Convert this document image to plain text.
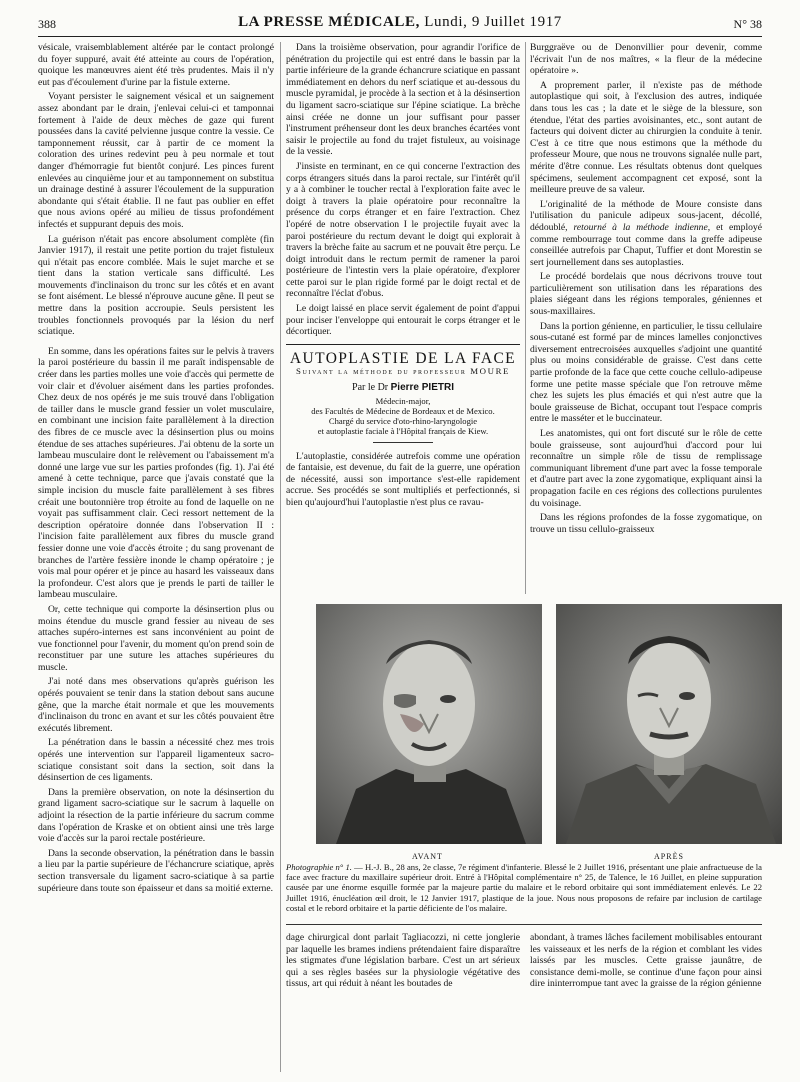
388	LA PRESSE MÉDICALE, Lundi, 9 Juillet 1917	N° 38

vésicale, vraisemblablement altérée par le contact prolongé du foyer suppuré, avait été atteinte au cours de l'opération, quoique les manœuvres aient été très prudentes. Mais il n'y eut pas d'écoulement d'urine par la fistule externe.

Voyant persister le saignement vésical et un saignement assez abondant par le drain, j'enlevai celui-ci et tamponnai fortement à l'aide de deux mèches de gaze qui furent poussées dans la cavité pelvienne jusque contre la vessie. Ce tamponnement réussit, car à partir de ce moment la coloration des urines redevint peu à peu normale et tout danger d'hémorragie fut bientôt conjuré. Les pinces furent enlevées au cinquième jour et au tamponnement on substitua un drainage destiné à assurer l'écoulement de la suppuration abondante qui s'était établie. Il ne faut pas oublier en effet que nous avions opéré au milieu de tissus profondément infectés et suppurant depuis des mois.

La guérison n'était pas encore absolument complète (fin Janvier 1917), il restait une petite portion du trajet fistuleux qui n'était pas encore comblée. Mais le sujet marche et se tient dans la station verticale sans difficulté. Les mouvements d'inclinaison du tronc sur les côtés et en avant se font aisément. Le blessé n'éprouve aucune gêne. Il peut se mettre dans la position accroupie. Seuls persistent les troubles fonctionnels provoqués par la lésion du nerf sciatique.

En somme, dans les opérations faites sur le pelvis à travers la paroi postérieure du bassin il me paraît indispensable de créer dans les parties molles une voie d'accès qui permette de voir clair et d'évoluer aisément dans les parties profondes. Chez deux de nos opérés je me suis trouvé dans l'obligation de tailler dans le muscle grand fessier un volet musculaire, en combinant une incision faite parallèlement à la direction des fibres de ce muscle avec la désinsertion plus ou moins étendue de ses attaches supérieures. J'ai obtenu de la sorte un lambeau musculaire dont le relèvement ou l'abaissement m'a donné une large vue sur les parties profondes (fig. 1). J'ai été amené à cette technique, parce que j'avais constaté que la simple incision du muscle faite parallèlement à ses fibres créait une boutonnière trop étroite au fond de laquelle on ne voyait pas suffisamment clair. Ceci ressort nettement de la description opératoire donnée dans l'observation II : l'incision faite parallèlement aux fibres du muscle grand fessier donne une voie d'accès étroite ; du sang provenant de branches de l'artère fessière inonde le champ opératoire ; je vois mal pour opérer et je pince au hasard les vaisseaux dans la profondeur. C'est alors que je prends le parti de tailler le lambeau musculaire.

Or, cette technique qui comporte la désinsertion plus ou moins étendue du muscle grand fessier au niveau de ses attaches supéro-internes est sans inconvénient au point de vue fonctionnel pour l'avenir, du moment qu'on prend soin de reconstituer par une suture les attaches supérieures du muscle.

J'ai noté dans mes observations qu'après guérison les opérés pouvaient se tenir dans la station debout sans aucune gêne, que la marche était normale et que les mouvements d'inclinaison du tronc en avant et sur les côtés pouvaient être exécutés librement.

La pénétration dans le bassin a nécessité chez mes trois opérés une intervention sur l'appareil ligamenteux sacro-sciatique consistant soit dans la section, soit dans la désinsertion de ces ligaments.

Dans la première observation, on note la désinsertion du grand ligament sacro-sciatique sur le sacrum à laquelle on adjoint la résection de la partie inférieure du sacrum comme dans l'opération de Kraske et on obtient ainsi une très large voie d'accès sur la paroi rectale postérieure.

Dans la seconde observation, la pénétration dans le bassin a lieu par la partie supérieure de l'échancrure sciatique, après section transversale du ligament sacro-sciatique à sa partie supérieure dans toute son épaisseur et dans sa moitié externe.

Dans la troisième observation, pour agrandir l'orifice de pénétration du projectile qui est entré dans le bassin par la partie inférieure de la grande échancrure sciatique en passant immédiatement en dehors du nerf sciatique et au-dessous du muscle pyramidal, je procède à la section et à la désinsertion du ligament sacro-sciatique sur l'épine sciatique. La brèche ainsi créée ne donne un jour suffisant pour passer l'instrument préhenseur dont les deux branches écartées vont saisir le projectile au fond du trajet fistuleux, au voisinage de la vessie.

J'insiste en terminant, en ce qui concerne l'extraction des corps étrangers situés dans la paroi rectale, sur l'intérêt qu'il y a à combiner le toucher rectal à l'exploration faite avec le doigt à travers la plaie opératoire pour reconnaître la présence du corps étranger et en faire l'extraction. Chez l'opéré de notre observation I le projectile fuyait avec la paroi postérieure du rectum devant le doigt qui explorait à travers la brèche faite au sacrum et ne pouvait être perçu. Le doigt introduit dans le rectum permit de ramener la paroi postérieure de l'intestin vers la plaie opératoire, d'explorer cette paroi sur le plan rigide formé par le doigt rectal et de reconnaître l'éclat d'obus.

Le doigt laissé en place servit également de point d'appui pour inciser l'enveloppe qui entourait le corps étranger et le décortiquer.

AUTOPLASTIE DE LA FACE
Suivant la méthode du professeur MOURE
Par le Dr Pierre PIETRI
Médecin-major,
des Facultés de Médecine de Bordeaux et de Mexico.
Chargé du service d'oto-rhino-laryngologie
et autoplastie faciale à l'Hôpital français de Kiew.

L'autoplastie, considérée autrefois comme une opération de fantaisie, est devenue, du fait de la guerre, une opération de nécessité, aussi son importance s'est-elle rapidement accrue. Ses procédés se sont multipliés et perfectionnés, si bien qu'aujourd'hui l'autoplastie n'est plus ce ravau-

Burggraëve ou de Denonvillier pour devenir, comme l'écrivait l'un de nos maîtres, « la fleur de la médecine opératoire ».

A proprement parler, il n'existe pas de méthode autoplastique qui soit, à l'exclusion des autres, indiquée dans tous les cas ; la date et le siège de la blessure, son étendue, l'état des parties avoisinantes, etc., sont autant de facteurs qui doivent dicter au chirurgien la conduite à tenir. C'est à ce titre que nous estimons que la méthode du professeur Moure, que nous ne trouvons signalée nulle part, mérite d'être connue. Les résultats obtenus dont quelques spécimens, seulement accompagnent cet exposé, sont la meilleure preuve de sa valeur.

L'originalité de la méthode de Moure consiste dans l'utilisation du panicule adipeux sous-jacent, décollé, dédoublé, retourné à la méthode indienne, et employé comme rembourrage tout comme dans la greffe adipeuse conseillée autrefois par Chaput, Tuffier et dont Morestin se sert journellement dans ses autoplasties.

Le procédé bordelais que nous décrivons trouve tout particulièrement son utilisation dans les réparations des plaies siégeant dans les régions temporales, géniennes et sous-maxillaires.

Dans la portion génienne, en particulier, le tissu cellulaire sous-cutané est formé par de minces lamelles conjonctives diversement entrecroisées auxquelles s'adjoint une quantité plus ou moins considérable de graisse. C'est dans cette partie profonde de la face que cette couche cellulo-adipeuse forme une petite masse spéciale que l'on retrouve même chez les sujets les plus émaciés et qui n'est autre que la boule graisseuse de Bichat, occupant tout l'espace compris entre le masséter et le buccinateur.

Les anatomistes, qui ont fort discuté sur le rôle de cette boule graisseuse, sont aujourd'hui d'accord pour lui reconnaître un simple rôle de tissu de remplissage communiquant librement d'une part avec la fosse temporale et d'autre part avec la zone zygomatique, expliquant ainsi la propagation facile en ces régions des collections purulentes du voisinage.

Dans les régions profondes de la fosse zygomatique, on trouve un tissu cellulo-graisseux

AVANT	APRÈS
Photographie n° 1. — H.-J. B., 28 ans, 2e classe, 7e régiment d'infanterie. Blessé le 2 Juillet 1916, présentant une plaie anfractueuse de la face avec fracture du maxillaire supérieur droit. Entré à l'Hôpital complémentaire n° 25, de Talence, le 16 Juillet, en pleine suppuration causée par une énorme esquille formée par la majeure partie du malaire et le rebord orbitaire qui sont immédiatement enlevés. Le 22 Juillet 1916, énucléation œil droit, le 12 Janvier 1917, plastique de la joue. Nous nous proposons de refaire par inclusion de cartilage costal et le rebord orbitaire et la partie déficiente de l'os malaire.

dage chirurgical dont parlait Tagliacozzi, ni cette jonglerie par laquelle les brames indiens prétendaient faire disparaître les stigmates d'une législation barbare. C'est un art sérieux qui a ses règles basées sur la physiologie végétative des tissus, art qui réduit à néant les boutades de

abondant, à trames lâches facilement mobilisables entourant les vaisseaux et les nerfs de la région et comblant les vides laissés par les muscles. Cette graisse jaunâtre, de consistance demi-molle, se continue d'une façon pour ainsi dire ininterrompue tant avec la graisse de la région génienne
